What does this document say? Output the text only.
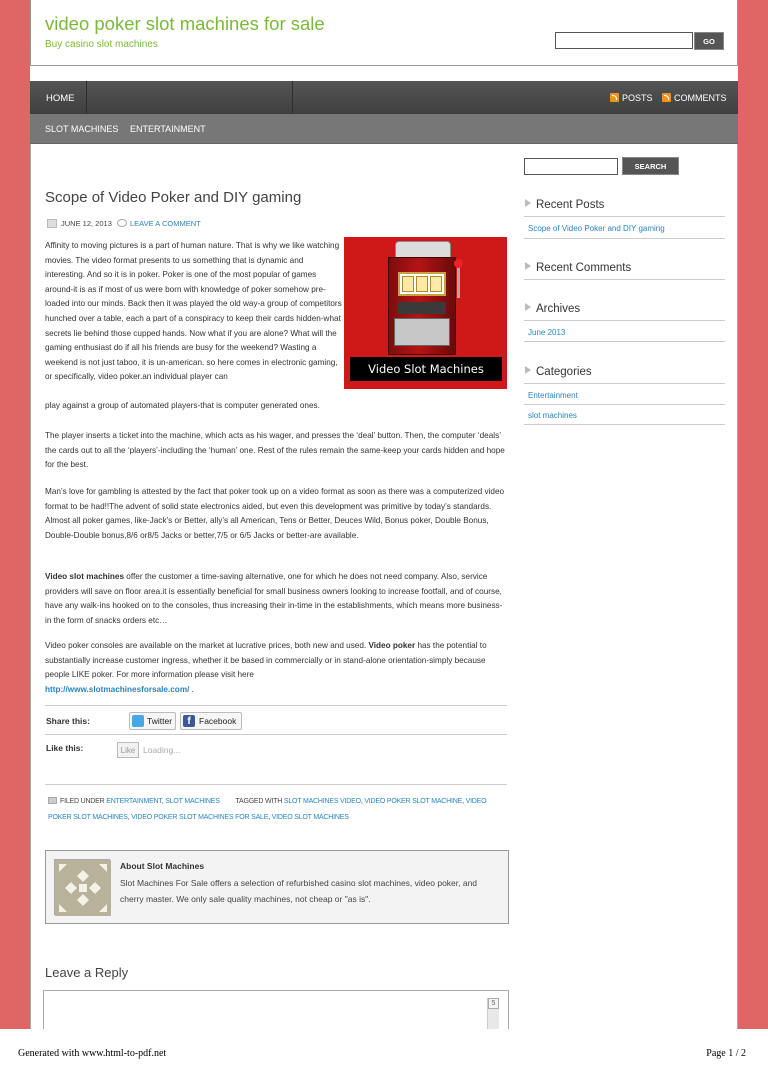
video poker slot machines for sale
Buy casino slot machines	GO
HOME	POSTS	COMMENTS
SLOT MACHINES ENTERTAINMENT
Scope of Video Poker and DIY gaming
JUNE 12, 2013 LEAVE A COMMENT
Affinity to moving pictures is a part of human nature. That is why we like watching movies. The video format presents to us something that is dynamic and interesting. And so it is in poker. Poker is one of the most popular of games around-it is as if most of us were born with knowledge of poker somehow pre-loaded into our minds. Back then it was played the old way-a group of competitors hunched over a table, each a part of a conspiracy to keep their cards hidden-what secrets lie behind those cupped hands. Now what if you are alone? What will the gaming enthusiast do if all his friends are busy for the weekend? Wasting a weekend is not just taboo, it is un-american. so here comes in electronic gaming, or specifically, video poker.an individual player can
play against a group of automated players-that is computer generated ones.
Video Slot Machines
The player inserts a ticket into the machine, which acts as his wager, and presses the ‘deal’ button. Then, the computer ‘deals’ the cards out to all the ‘players’-including the ‘human’ one. Rest of the rules remain the same-keep your cards hidden and hope for the best.
Man’s love for gambling is attested by the fact that poker took up on a video format as soon as there was a computerized video format to be had!!The advent of solid state electronics aided, but even this development was primitive by today’s standards. Almost all poker games, like-Jack’s or Better, ally’s all American, Tens or Better, Deuces Wild, Bonus poker, Double Bonus, Double-Double bonus,8/6 or8/5 Jacks or better,7/5 or 6/5 Jacks or better-are available.
Video slot machines offer the customer a time-saving alternative, one for which he does not need company. Also, service providers will save on floor area.it is essentially beneficial for small business owners looking to increase footfall, and of course, have any walk-ins hooked on to the consoles, thus increasing their in-time in the establishments, which means more business-in the form of snacks orders etc…
Video poker consoles are available on the market at lucrative prices, both new and used. Video poker has the potential to substantially increase customer ingress, whether it be based in commercially or in stand-alone orientation-simply because people LIKE poker. For more information please visit here
http://www.slotmachinesforsale.com/ .
Share this:	Twitter	f Facebook
Like this:	Like Loading...
FILED UNDER ENTERTAINMENT, SLOT MACHINES TAGGED WITH SLOT MACHINES VIDEO, VIDEO POKER SLOT MACHINE, VIDEO POKER SLOT MACHINES, VIDEO POKER SLOT MACHINES FOR SALE, VIDEO SLOT MACHINES
About Slot Machines
Slot Machines For Sale offers a selection of refurbished casino slot machines, video poker, and cherry master. We only sale quality machines, not cheap or "as is".
Leave a Reply
5
SEARCH
Recent Posts
Scope of Video Poker and DIY gaming
Recent Comments
Archives
June 2013
Categories
Entertainment
slot machines
Generated with www.html-to-pdf.net	Page 1 / 2
